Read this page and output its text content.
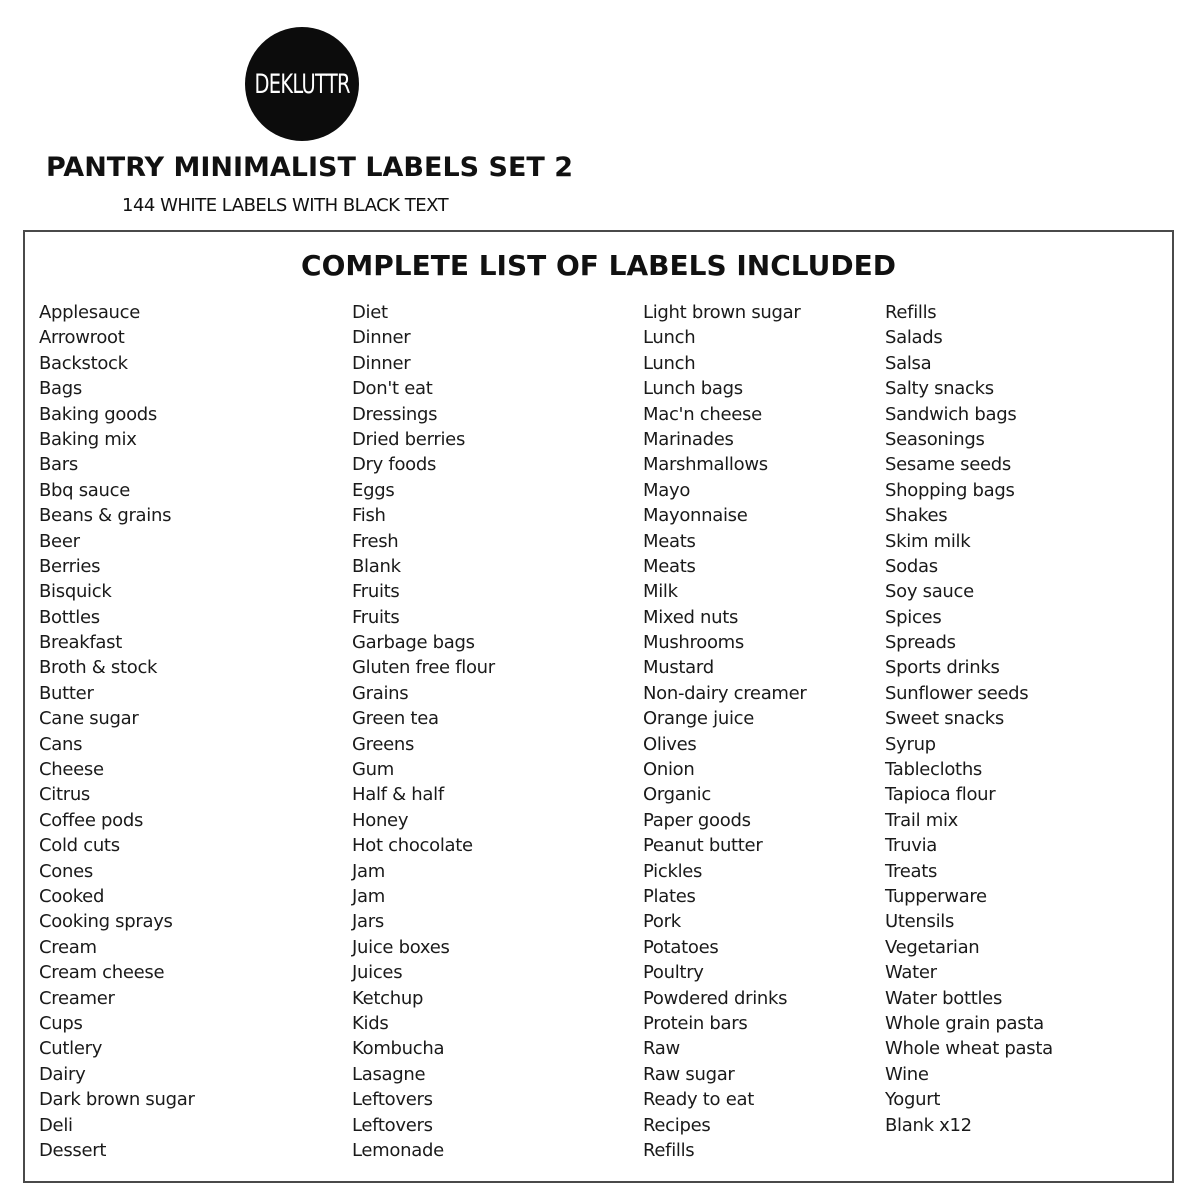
DEKLUTTR
PANTRY MINIMALIST LABELS SET 2

144 WHITE LABELS WITH BLACK TEXT

COMPLETE LIST OF LABELS INCLUDED
Applesauce
Arrowroot
Backstock
Bags
Baking goods
Baking mix
Bars
Bbq sauce
Beans & grains
Beer
Berries
Bisquick
Bottles
Breakfast
Broth & stock
Butter
Cane sugar
Cans
Cheese
Citrus
Coffee pods
Cold cuts
Cones
Cooked
Cooking sprays
Cream
Cream cheese
Creamer
Cups
Cutlery
Dairy
Dark brown sugar
Deli
Dessert
Diet
Dinner
Dinner
Don't eat
Dressings
Dried berries
Dry foods
Eggs
Fish
Fresh
Blank
Fruits
Fruits
Garbage bags
Gluten free flour
Grains
Green tea
Greens
Gum
Half & half
Honey
Hot chocolate
Jam
Jam
Jars
Juice boxes
Juices
Ketchup
Kids
Kombucha
Lasagne
Leftovers
Leftovers
Lemonade
Light brown sugar
Lunch
Lunch
Lunch bags
Mac'n cheese
Marinades
Marshmallows
Mayo
Mayonnaise
Meats
Meats
Milk
Mixed nuts
Mushrooms
Mustard
Non-dairy creamer
Orange juice
Olives
Onion
Organic
Paper goods
Peanut butter
Pickles
Plates
Pork
Potatoes
Poultry
Powdered drinks
Protein bars
Raw
Raw sugar
Ready to eat
Recipes
Refills
Refills
Salads
Salsa
Salty snacks
Sandwich bags
Seasonings
Sesame seeds
Shopping bags
Shakes
Skim milk
Sodas
Soy sauce
Spices
Spreads
Sports drinks
Sunflower seeds
Sweet snacks
Syrup
Tablecloths
Tapioca flour
Trail mix
Truvia
Treats
Tupperware
Utensils
Vegetarian
Water
Water bottles
Whole grain pasta
Whole wheat pasta
Wine
Yogurt
Blank x12
